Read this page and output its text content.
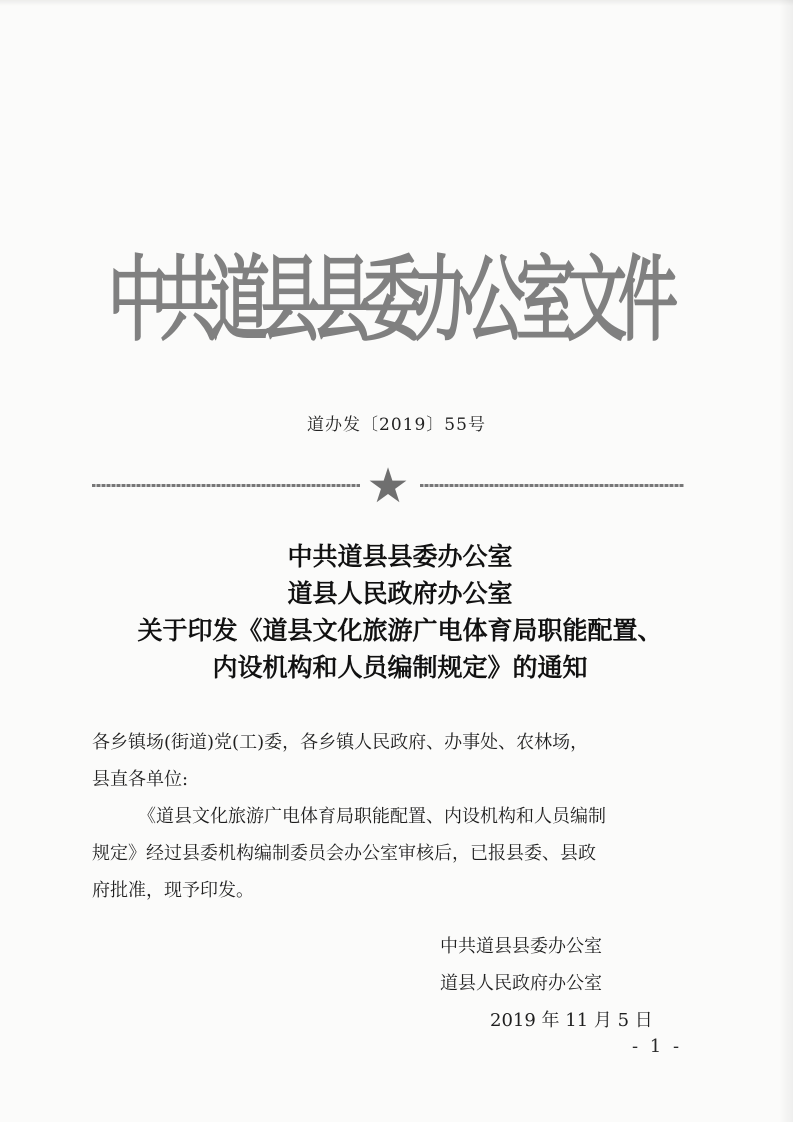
中
共
道
县
县
委
办
公
室
文
件
道办发〔2019〕55号
★
中共道县县委办公室
道县人民政府办公室
关于印发《道县文化旅游广电体育局职能配置、
内设机构和人员编制规定》的通知

各乡镇场(街道)党(工)委，各乡镇人民政府、办事处、农林场，

县直各单位:

《道县文化旅游广电体育局职能配置、内设机构和人员编制

规定》经过县委机构编制委员会办公室审核后，已报县委、县政

府批准，现予印发。

中共道县县委办公室
道县人民政府办公室
2019 年 11 月 5 日
- 1 -
